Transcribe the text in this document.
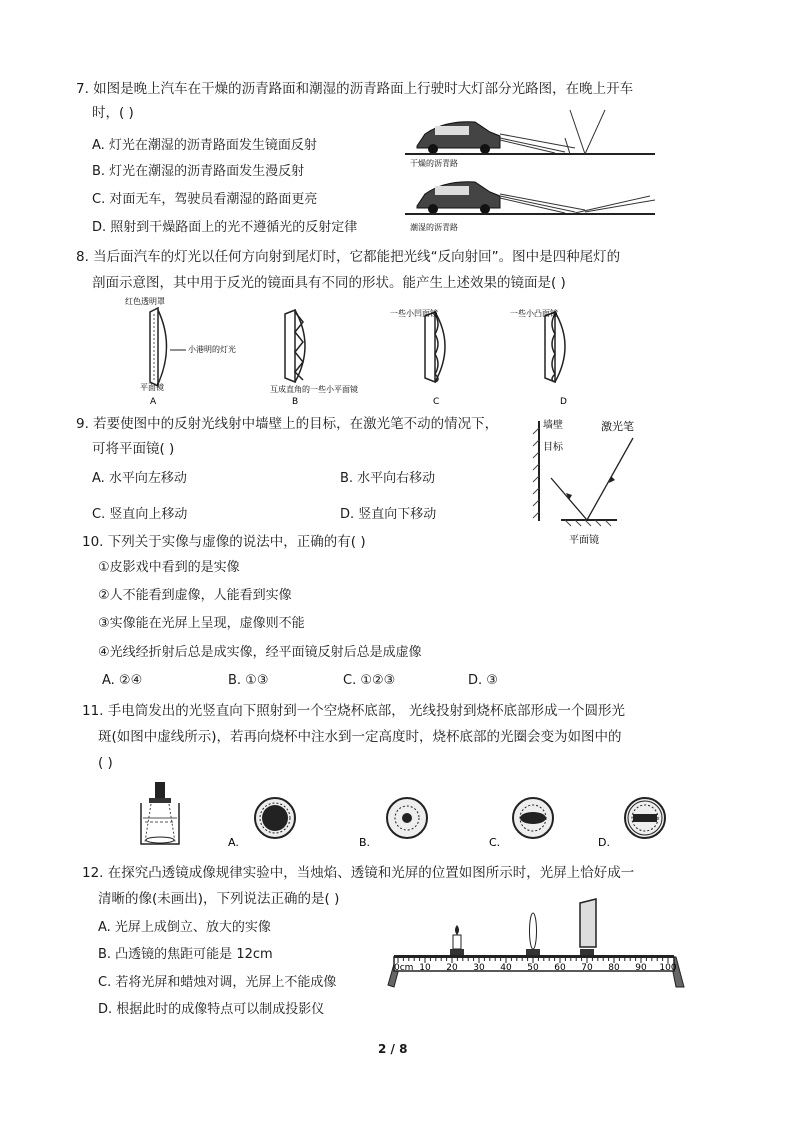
7. 如图是晚上汽车在干燥的沥青路面和潮湿的沥青路面上行驶时大灯部分光路图，在晚上开车
时，( )
A. 灯光在潮湿的沥青路面发生镜面反射
B. 灯光在潮湿的沥青路面发生漫反射
C. 对面无车，驾驶员看潮湿的路面更亮
D. 照射到干燥路面上的光不遵循光的反射定律
干燥的沥青路
潮湿的沥青路
8. 当后面汽车的灯光以任何方向射到尾灯时，它都能把光线“反向射回”。图中是四种尾灯的
剖面示意图，其中用于反光的镜面具有不同的形状。能产生上述效果的镜面是( )
红色透明罩
小港明的灯光
平面镜
A
互成直角的一些小平面镜
B
一些小凹面镜
C
一些小凸面镜
D
9. 若要使图中的反射光线射中墙壁上的目标，在激光笔不动的情况下，
可将平面镜( )
A. 水平向左移动	B. 水平向右移动
C. 竖直向上移动	D. 竖直向下移动
墙壁
目标
激光笔
平面镜
10. 下列关于实像与虚像的说法中，正确的有( )
①皮影戏中看到的是实像
②人不能看到虚像，人能看到实像
③实像能在光屏上呈现，虚像则不能
④光线经折射后总是成实像，经平面镜反射后总是成虚像
A. ②④	B. ①③	C. ①②③	D. ③
11. 手电筒发出的光竖直向下照射到一个空烧杯底部， 光线投射到烧杯底部形成一个圆形光
斑(如图中虚线所示)，若再向烧杯中注水到一定高度时，烧杯底部的光圈会变为如图中的
( )
A.	B.	C.	D.
12. 在探究凸透镜成像规律实验中，当烛焰、透镜和光屏的位置如图所示时，光屏上恰好成一
清晰的像(未画出)，下列说法正确的是( )
A. 光屏上成倒立、放大的实像
B. 凸透镜的焦距可能是 12cm
C. 若将光屏和蜡烛对调，光屏上不能成像
D. 根据此时的成像特点可以制成投影仪
0cm 10 20 30 40 50 60 70 80 90 100
2 / 8
